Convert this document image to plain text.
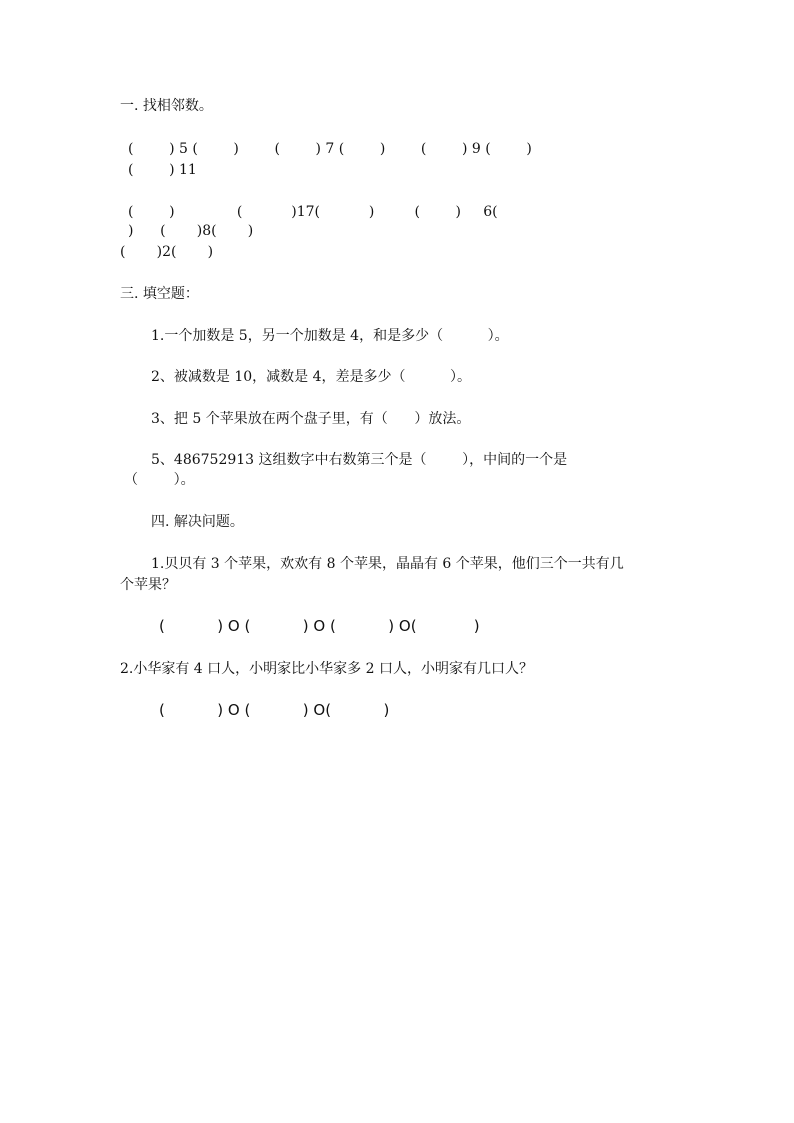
一. 找相邻数。
(        ) 5 (        )        (        ) 7 (        )        (        ) 9 (        )
(        ) 11
(        )              (           )17(           )         (        )     6(
)      (       )8(       )
(       )2(       )
三. 填空题：
1.一个加数是 5，另一个加数是 4，和是多少（          ）。
2、被减数是 10，减数是 4，差是多少（          ）。
3、把 5 个苹果放在两个盘子里，有（      ）放法。
5、486752913 这组数字中右数第三个是（        ），中间的一个是
（        ）。
四. 解决问题。
1.贝贝有 3 个苹果，欢欢有 8 个苹果，晶晶有 6 个苹果，他们三个一共有几
个苹果？
(           ) O (           ) O (           ) O(            )
2.小华家有 4 口人，小明家比小华家多 2 口人，小明家有几口人？
(           ) O (           ) O(           )
